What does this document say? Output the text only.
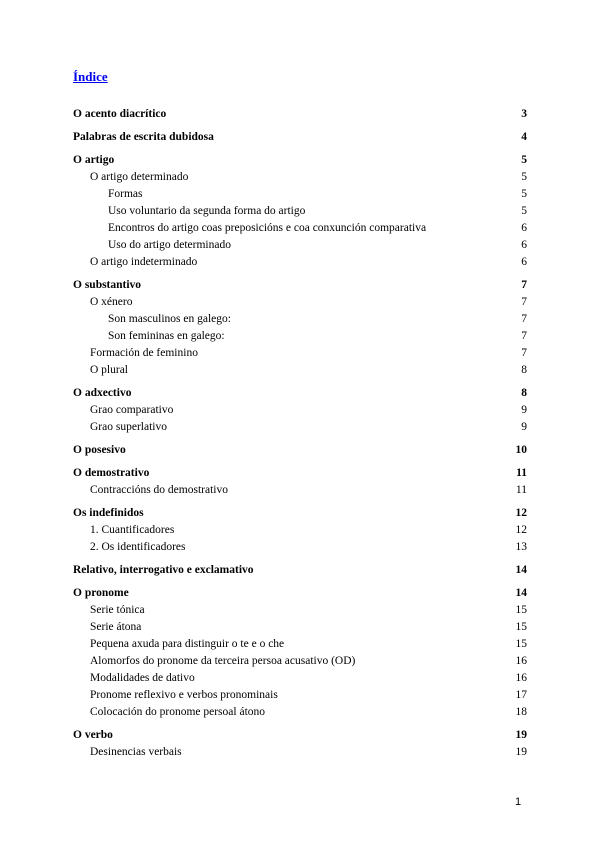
Índice
O acento diacrítico	3
Palabras de escrita dubidosa	4
O artigo	5
O artigo determinado	5
Formas	5
Uso voluntario da segunda forma do artigo	5
Encontros do artigo coas preposicións e coa conxunción comparativa	6
Uso do artigo determinado	6
O artigo indeterminado	6
O substantivo	7
O xénero	7
Son masculinos en galego:	7
Son femininas en galego:	7
Formación de feminino	7
O plural	8
O adxectivo	8
Grao comparativo	9
Grao superlativo	9
O posesivo	10
O demostrativo	11
Contraccións do demostrativo	11
Os indefinidos	12
1. Cuantificadores	12
2. Os identificadores	13
Relativo, interrogativo e exclamativo	14
O pronome	14
Serie tónica	15
Serie átona	15
Pequena axuda para distinguir o te e o che	15
Alomorfos do pronome da terceira persoa acusativo (OD)	16
Modalidades de dativo	16
Pronome reflexivo e verbos pronominais	17
Colocación do pronome persoal átono	18
O verbo	19
Desinencias verbais	19
1
